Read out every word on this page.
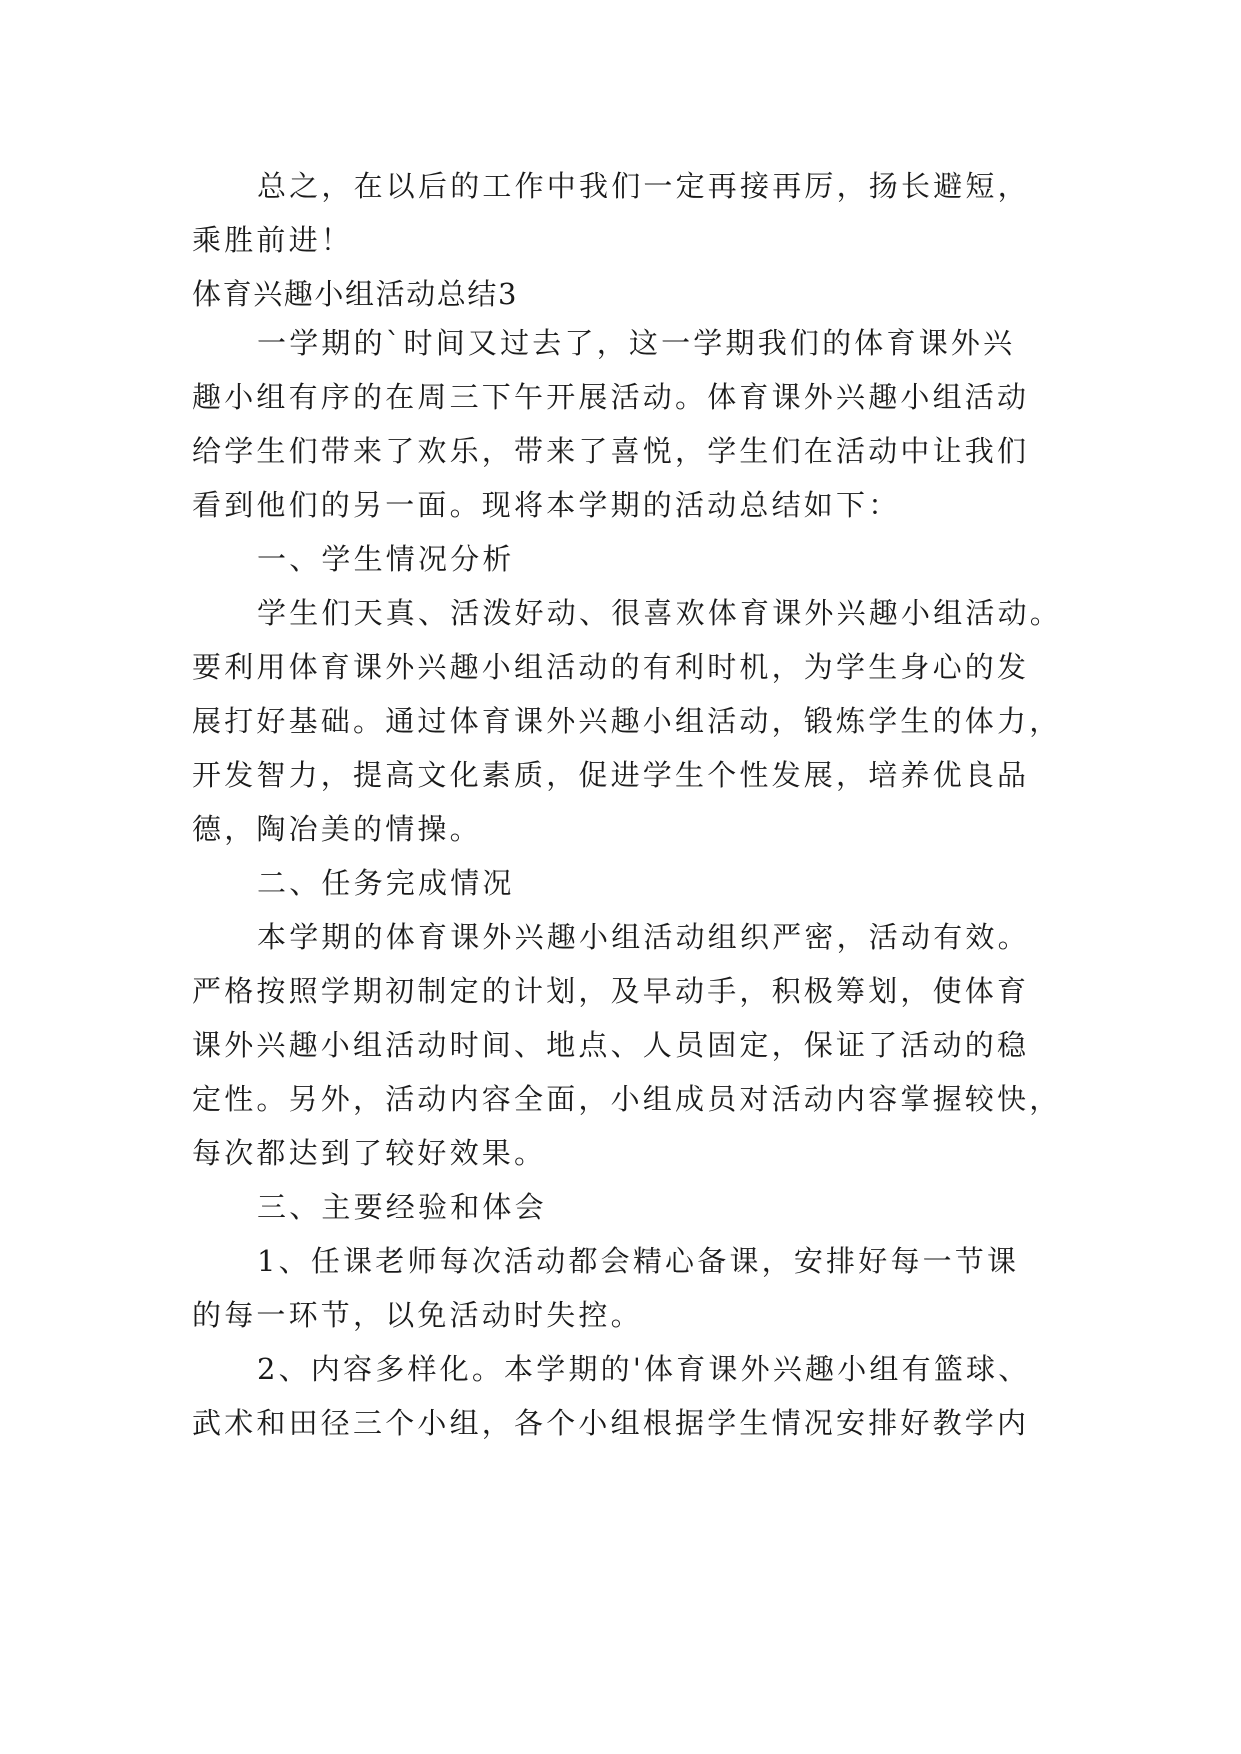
总之，在以后的工作中我们一定再接再厉，扬长避短，
乘胜前进！
体育兴趣小组活动总结3
一学期的`时间又过去了，这一学期我们的体育课外兴
趣小组有序的在周三下午开展活动。体育课外兴趣小组活动
给学生们带来了欢乐，带来了喜悦，学生们在活动中让我们
看到他们的另一面。现将本学期的活动总结如下：
一、学生情况分析
学生们天真、活泼好动、很喜欢体育课外兴趣小组活动。
要利用体育课外兴趣小组活动的有利时机，为学生身心的发
展打好基础。通过体育课外兴趣小组活动，锻炼学生的体力，
开发智力，提高文化素质，促进学生个性发展，培养优良品
德，陶冶美的情操。
二、任务完成情况
本学期的体育课外兴趣小组活动组织严密，活动有效。
严格按照学期初制定的计划，及早动手，积极筹划，使体育
课外兴趣小组活动时间、地点、人员固定，保证了活动的稳
定性。另外，活动内容全面，小组成员对活动内容掌握较快，
每次都达到了较好效果。
三、主要经验和体会
1、任课老师每次活动都会精心备课，安排好每一节课
的每一环节，以免活动时失控。
2、内容多样化。本学期的'体育课外兴趣小组有篮球、
武术和田径三个小组，各个小组根据学生情况安排好教学内
